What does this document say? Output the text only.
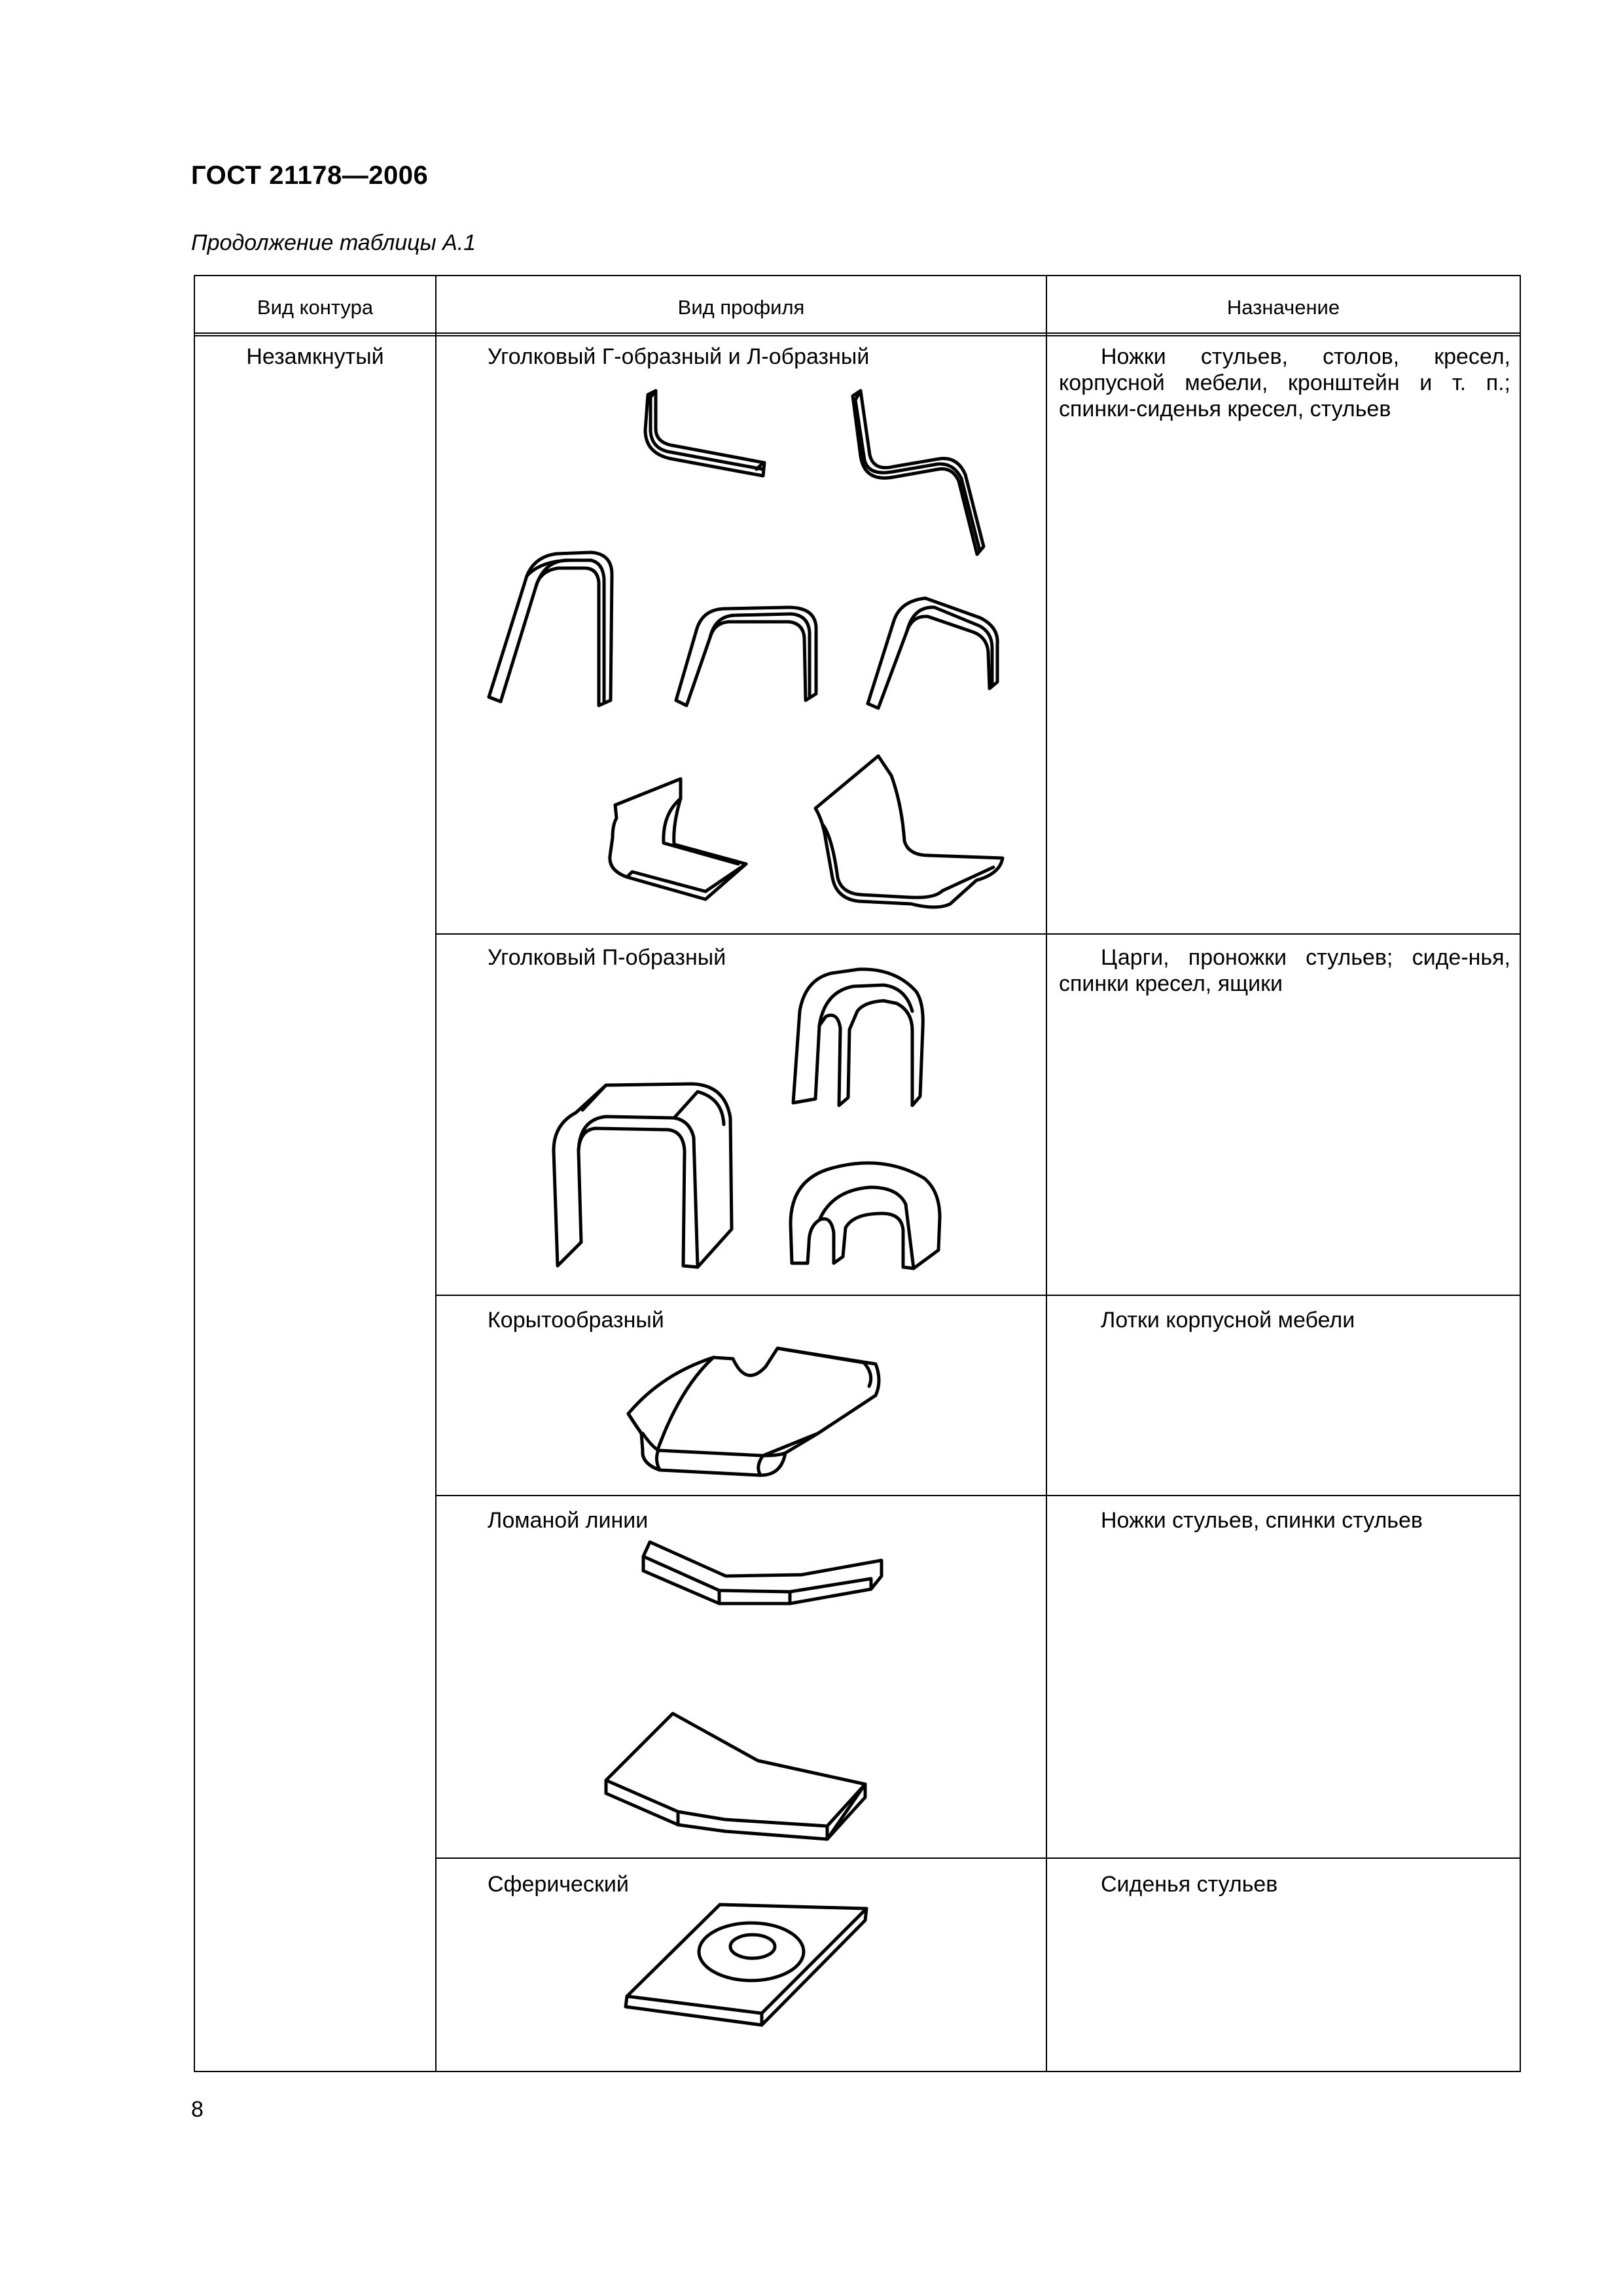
ГОСТ 21178—2006
Продолжение таблицы А.1
Вид контура	Вид профиля	Назначение
Незамкнутый	Уголковый Г-образный и Л-образный	Ножки стульев, столов, кресел, корпусной мебели, кронштейн и т. п.; спинки-сиденья кресел, стульев
Уголковый П-образный	Царги, проножки стульев; сиде-нья, спинки кресел, ящики
Корытообразный	Лотки корпусной мебели
Ломаной линии	Ножки стульев, спинки стульев
Сферический	Сиденья стульев
8
